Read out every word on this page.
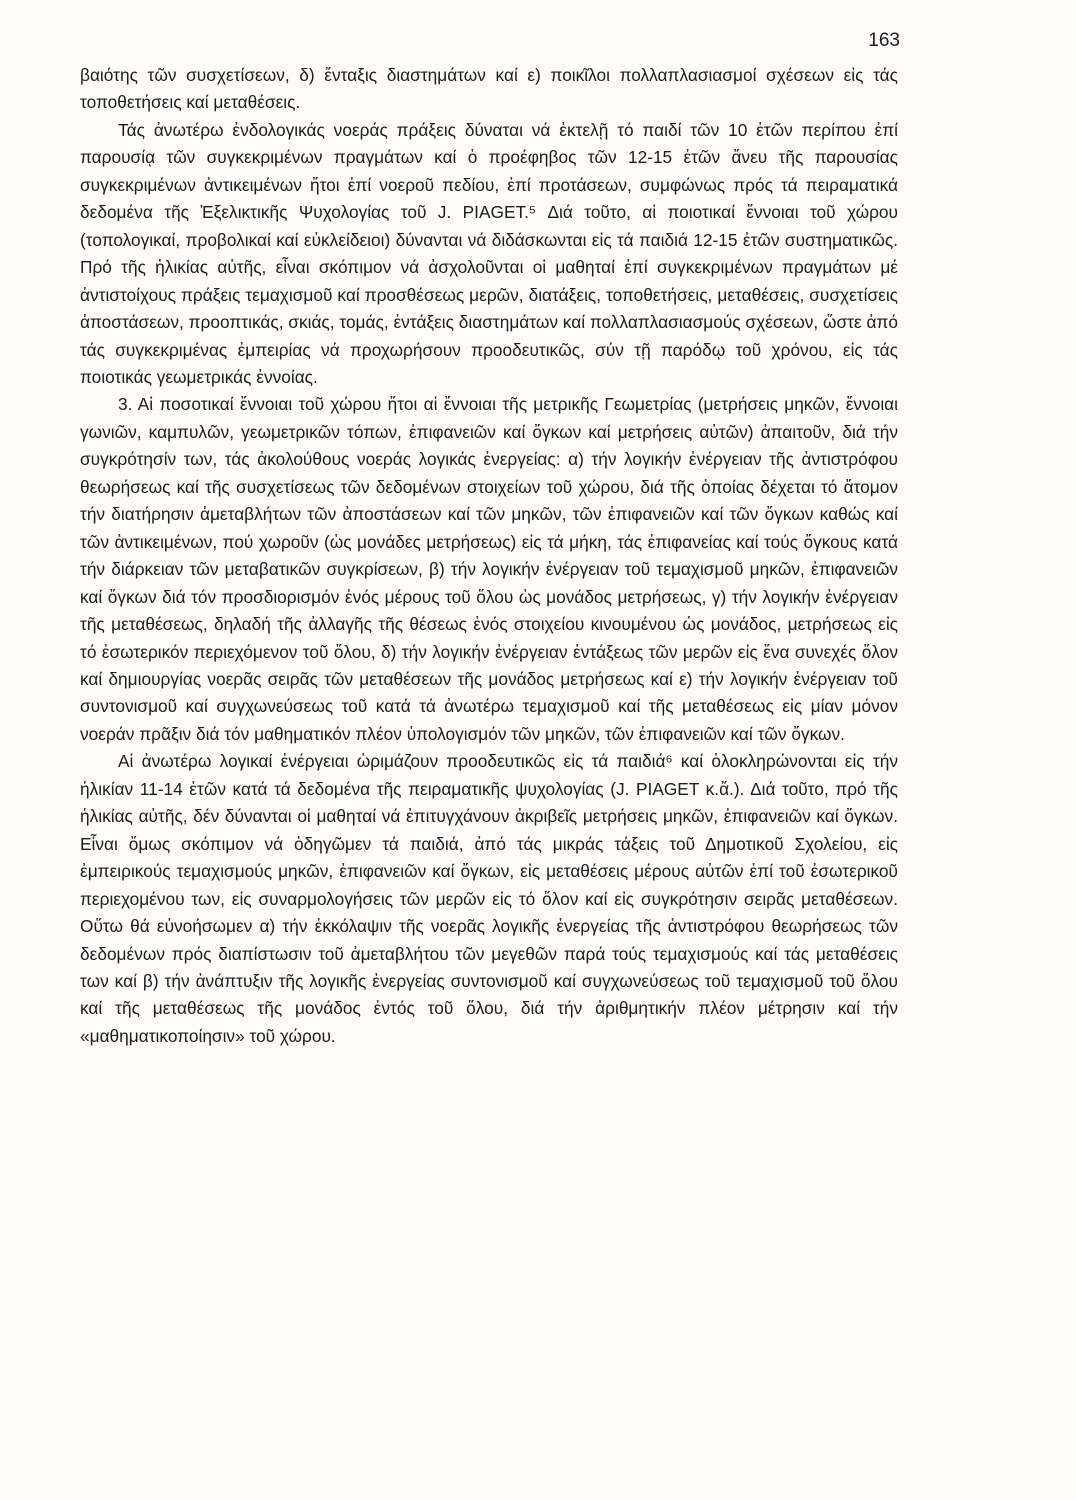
163

βαιότης τῶν συσχετίσεων, δ) ἔνταξις διαστημάτων καί ε) ποικῖλοι πολλαπλασιασμοί σχέσεων εἰς τάς τοποθετήσεις καί μεταθέσεις.

Τάς ἀνωτέρω ἐνδολογικάς νοεράς πράξεις δύναται νά ἐκτελῇ τό παιδί τῶν 10 ἐτῶν περίπου ἐπί παρουσίᾳ τῶν συγκεκριμένων πραγμάτων καί ὁ προέφηβος τῶν 12-15 ἐτῶν ἄνευ τῆς παρουσίας συγκεκριμένων ἀντικειμένων ἤτοι ἐπί νοεροῦ πεδίου, ἐπί προτάσεων, συμφώνως πρός τά πειραματικά δεδομένα τῆς Ἐξελικτικῆς Ψυχολογίας τοῦ J. PIAGET.⁵ Διά τοῦτο, αἱ ποιοτικαί ἔννοιαι τοῦ χώρου (τοπολογικαί, προβολικαί καί εὐκλείδειοι) δύνανται νά διδάσκωνται εἰς τά παιδιά 12-15 ἐτῶν συστηματικῶς. Πρό τῆς ἡλικίας αὐτῆς, εἶναι σκόπιμον νά ἀσχολοῦνται οἱ μαθηταί ἐπί συγκεκριμένων πραγμάτων μέ ἀντιστοίχους πράξεις τεμαχισμοῦ καί προσθέσεως μερῶν, διατάξεις, τοποθετήσεις, μεταθέσεις, συσχετίσεις ἀποστάσεων, προοπτικάς, σκιάς, τομάς, ἐντάξεις διαστημάτων καί πολλαπλασιασμούς σχέσεων, ὥστε ἀπό τάς συγκεκριμένας ἐμπειρίας νά προχωρήσουν προοδευτικῶς, σύν τῇ παρόδῳ τοῦ χρόνου, εἰς τάς ποιοτικάς γεωμετρικάς ἐννοίας.

3. Αἱ ποσοτικαί ἔννοιαι τοῦ χώρου ἤτοι αἱ ἔννοιαι τῆς μετρικῆς Γεωμετρίας (μετρήσεις μηκῶν, ἔννοιαι γωνιῶν, καμπυλῶν, γεωμετρικῶν τόπων, ἐπιφανειῶν καί ὄγκων καί μετρήσεις αὐτῶν) ἀπαιτοῦν, διά τήν συγκρότησίν των, τάς ἀκολούθους νοεράς λογικάς ἐνεργείας: α) τήν λογικήν ἐνέργειαν τῆς ἀντιστρόφου θεωρήσεως καί τῆς συσχετίσεως τῶν δεδομένων στοιχείων τοῦ χώρου, διά τῆς ὁποίας δέχεται τό ἄτομον τήν διατήρησιν ἀμεταβλήτων τῶν ἀποστάσεων καί τῶν μηκῶν, τῶν ἐπιφανειῶν καί τῶν ὄγκων καθώς καί τῶν ἀντικειμένων, πού χωροῦν (ὡς μονάδες μετρήσεως) εἰς τά μήκη, τάς ἐπιφανείας καί τούς ὄγκους κατά τήν διάρκειαν τῶν μεταβατικῶν συγκρίσεων, β) τήν λογικήν ἐνέργειαν τοῦ τεμαχισμοῦ μηκῶν, ἐπιφανειῶν καί ὄγκων διά τόν προσδιορισμόν ἑνός μέρους τοῦ ὅλου ὡς μονάδος μετρήσεως, γ) τήν λογικήν ἐνέργειαν τῆς μεταθέσεως, δηλαδή τῆς ἀλλαγῆς τῆς θέσεως ἑνός στοιχείου κινουμένου ὡς μονάδος, μετρήσεως εἰς τό ἐσωτερικόν περιεχόμενον τοῦ ὅλου, δ) τήν λογικήν ἐνέργειαν ἐντάξεως τῶν μερῶν εἰς ἕνα συνεχές ὅλον καί δημιουργίας νοερᾶς σειρᾶς τῶν μεταθέσεων τῆς μονάδος μετρήσεως καί ε) τήν λογικήν ἐνέργειαν τοῦ συντονισμοῦ καί συγχωνεύσεως τοῦ κατά τά ἀνωτέρω τεμαχισμοῦ καί τῆς μεταθέσεως εἰς μίαν μόνον νοεράν πρᾶξιν διά τόν μαθηματικόν πλέον ὑπολογισμόν τῶν μηκῶν, τῶν ἐπιφανειῶν καί τῶν ὄγκων.

Αἱ ἀνωτέρω λογικαί ἐνέργειαι ὡριμάζουν προοδευτικῶς εἰς τά παιδιά⁶ καί ὁλοκληρώνονται εἰς τήν ἡλικίαν 11-14 ἐτῶν κατά τά δεδομένα τῆς πειραματικῆς ψυχολογίας (J. PIAGET κ.ἄ.). Διά τοῦτο, πρό τῆς ἡλικίας αὐτῆς, δέν δύνανται οἱ μαθηταί νά ἐπιτυγχάνουν ἀκριβεῖς μετρήσεις μηκῶν, ἐπιφανειῶν καί ὄγκων. Εἶναι ὅμως σκόπιμον νά ὁδηγῶμεν τά παιδιά, ἀπό τάς μικράς τάξεις τοῦ Δημοτικοῦ Σχολείου, εἰς ἐμπειρικούς τεμαχισμούς μηκῶν, ἐπιφανειῶν καί ὄγκων, εἰς μεταθέσεις μέρους αὐτῶν ἐπί τοῦ ἐσωτερικοῦ περιεχομένου των, εἰς συναρμολογήσεις τῶν μερῶν εἰς τό ὅλον καί εἰς συγκρότησιν σειρᾶς μεταθέσεων. Οὕτω θά εὐνοήσωμεν α) τήν ἐκκόλαψιν τῆς νοερᾶς λογικῆς ἐνεργείας τῆς ἀντιστρόφου θεωρήσεως τῶν δεδομένων πρός διαπίστωσιν τοῦ ἀμεταβλήτου τῶν μεγεθῶν παρά τούς τεμαχισμούς καί τάς μεταθέσεις των καί β) τήν ἀνάπτυξιν τῆς λογικῆς ἐνεργείας συντονισμοῦ καί συγχωνεύσεως τοῦ τεμαχισμοῦ τοῦ ὅλου καί τῆς μεταθέσεως τῆς μονάδος ἐντός τοῦ ὅλου, διά τήν ἀριθμητικήν πλέον μέτρησιν καί τήν «μαθηματικοποίησιν» τοῦ χώρου.
